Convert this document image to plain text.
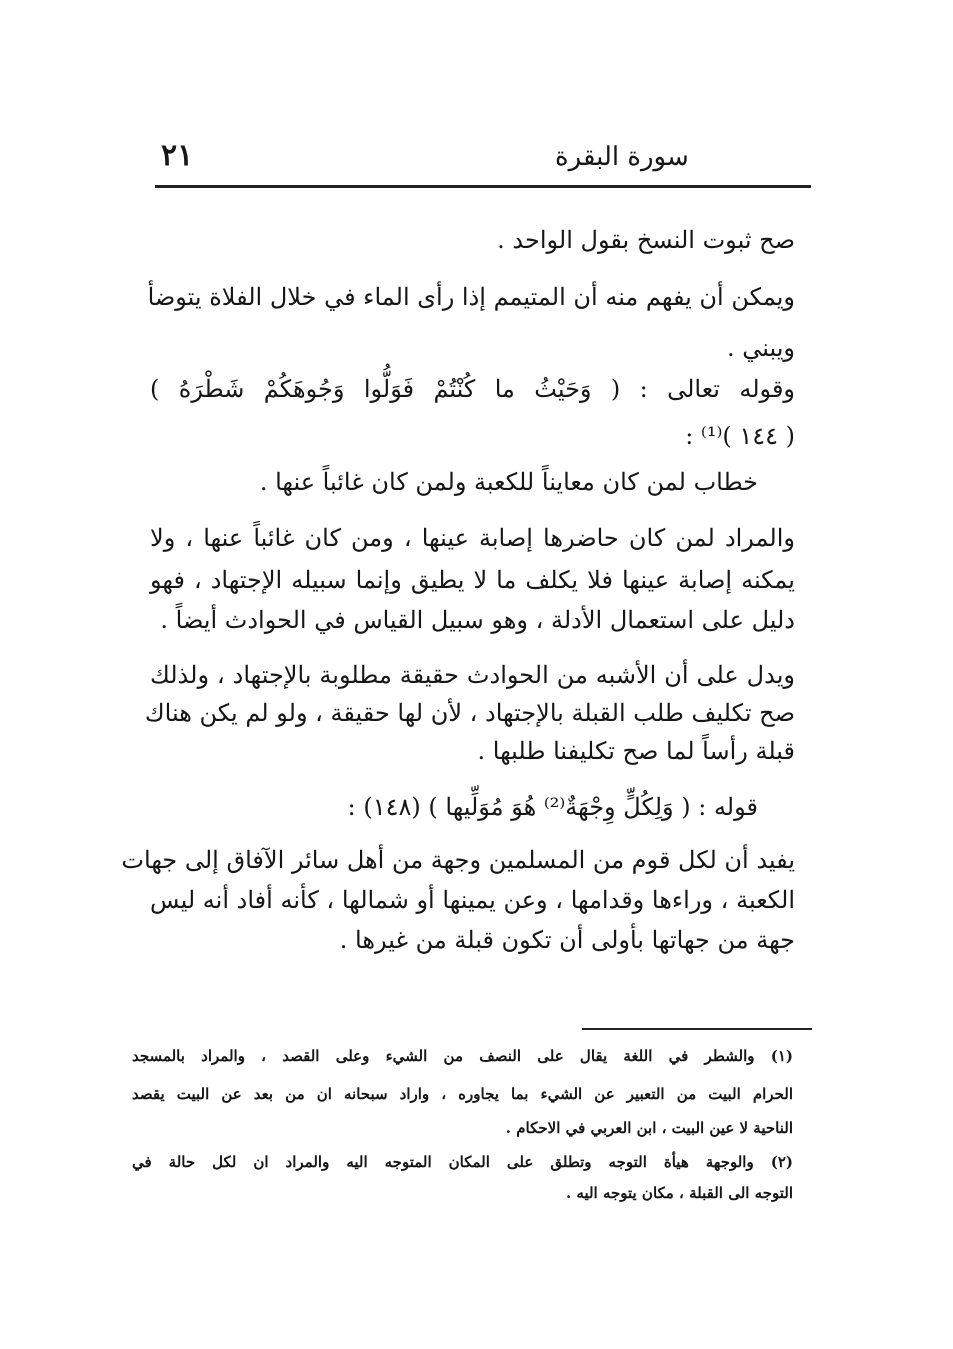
سورة البقرة
٢١
صح ثبوت النسخ بقول الواحد .
ويمكن أن يفهم منه أن المتيمم إذا رأى الماء في خلال الفلاة يتوضأ
ويبني .
وقوله تعالى : ( وَحَيْثُ ما كُنْتُمْ فَوَلُّوا وَجُوهَكُمْ شَطْرَهُ )
( ١٤٤ )⁽¹⁾ :
خطاب لمن كان معايناً للكعبة ولمن كان غائباً عنها .
والمراد لمن كان حاضرها إصابة عينها ، ومن كان غائباً عنها ، ولا
يمكنه إصابة عينها فلا يكلف ما لا يطيق وإنما سبيله الإجتهاد ، فهو
دليل على استعمال الأدلة ، وهو سبيل القياس في الحوادث أيضاً .
ويدل على أن الأشبه من الحوادث حقيقة مطلوبة بالإجتهاد ، ولذلك
صح تكليف طلب القبلة بالإجتهاد ، لأن لها حقيقة ، ولو لم يكن هناك
قبلة رأساً لما صح تكليفنا طلبها .
قوله : ( وَلِكُلٍّ وِجْهَةٌ⁽²⁾ هُوَ مُوَلِّيها ) (١٤٨) :
يفيد أن لكل قوم من المسلمين وجهة من أهل سائر الآفاق إلى جهات
الكعبة ، وراءها وقدامها ، وعن يمينها أو شمالها ، كأنه أفاد أنه ليس
جهة من جهاتها بأولى أن تكون قبلة من غيرها .
(١) والشطر في اللغة يقال على النصف من الشيء وعلى القصد ، والمراد بالمسجد
الحرام البيت من التعبير عن الشيء بما يجاوره ، واراد سبحانه ان من بعد عن البيت يقصد
الناحية لا عين البيت ، ابن العربي في الاحكام .
(٢) والوجهة هيأة التوجه وتطلق على المكان المتوجه اليه والمراد ان لكل حالة في
التوجه الى القبلة ، مكان يتوجه اليه .
